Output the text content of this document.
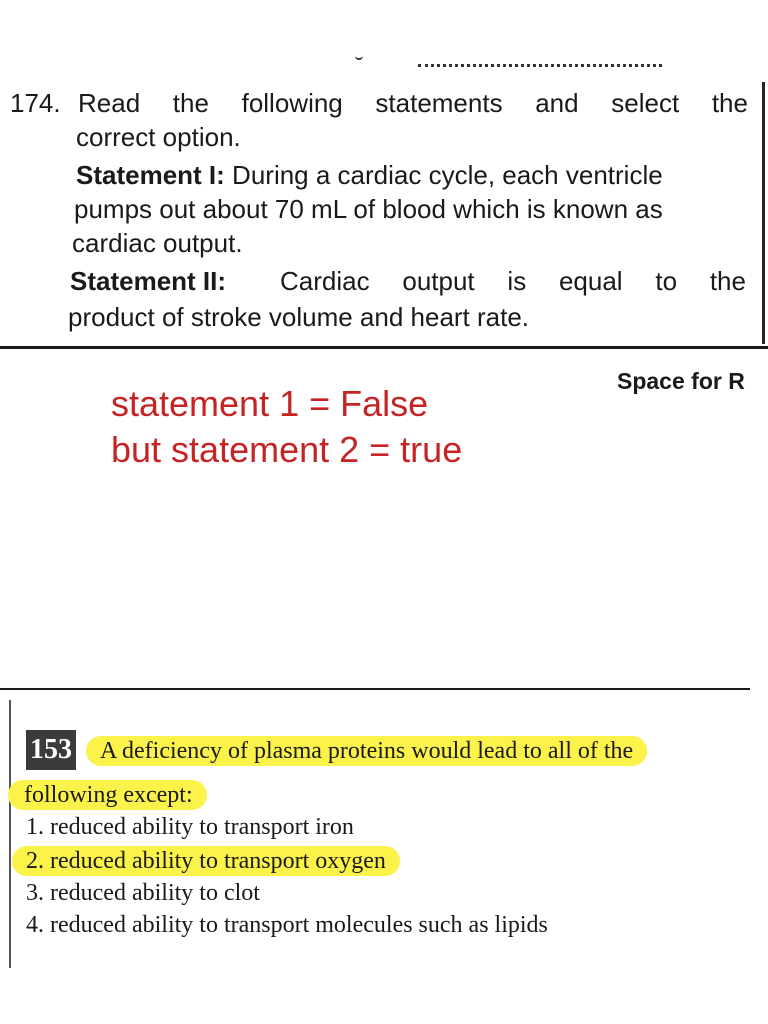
174. Read the following statements and select the
correct option.
Statement I: During a cardiac cycle, each ventricle
pumps out about 70 mL of blood which is known as
cardiac output.
Statement II: Cardiac output is equal to the
product of stroke volume and heart rate.
Space for R
statement 1 = False
but statement 2 = true
153 A deficiency of plasma proteins would lead to all of the
following except:
1. reduced ability to transport iron
2. reduced ability to transport oxygen
3. reduced ability to clot
4. reduced ability to transport molecules such as lipids
